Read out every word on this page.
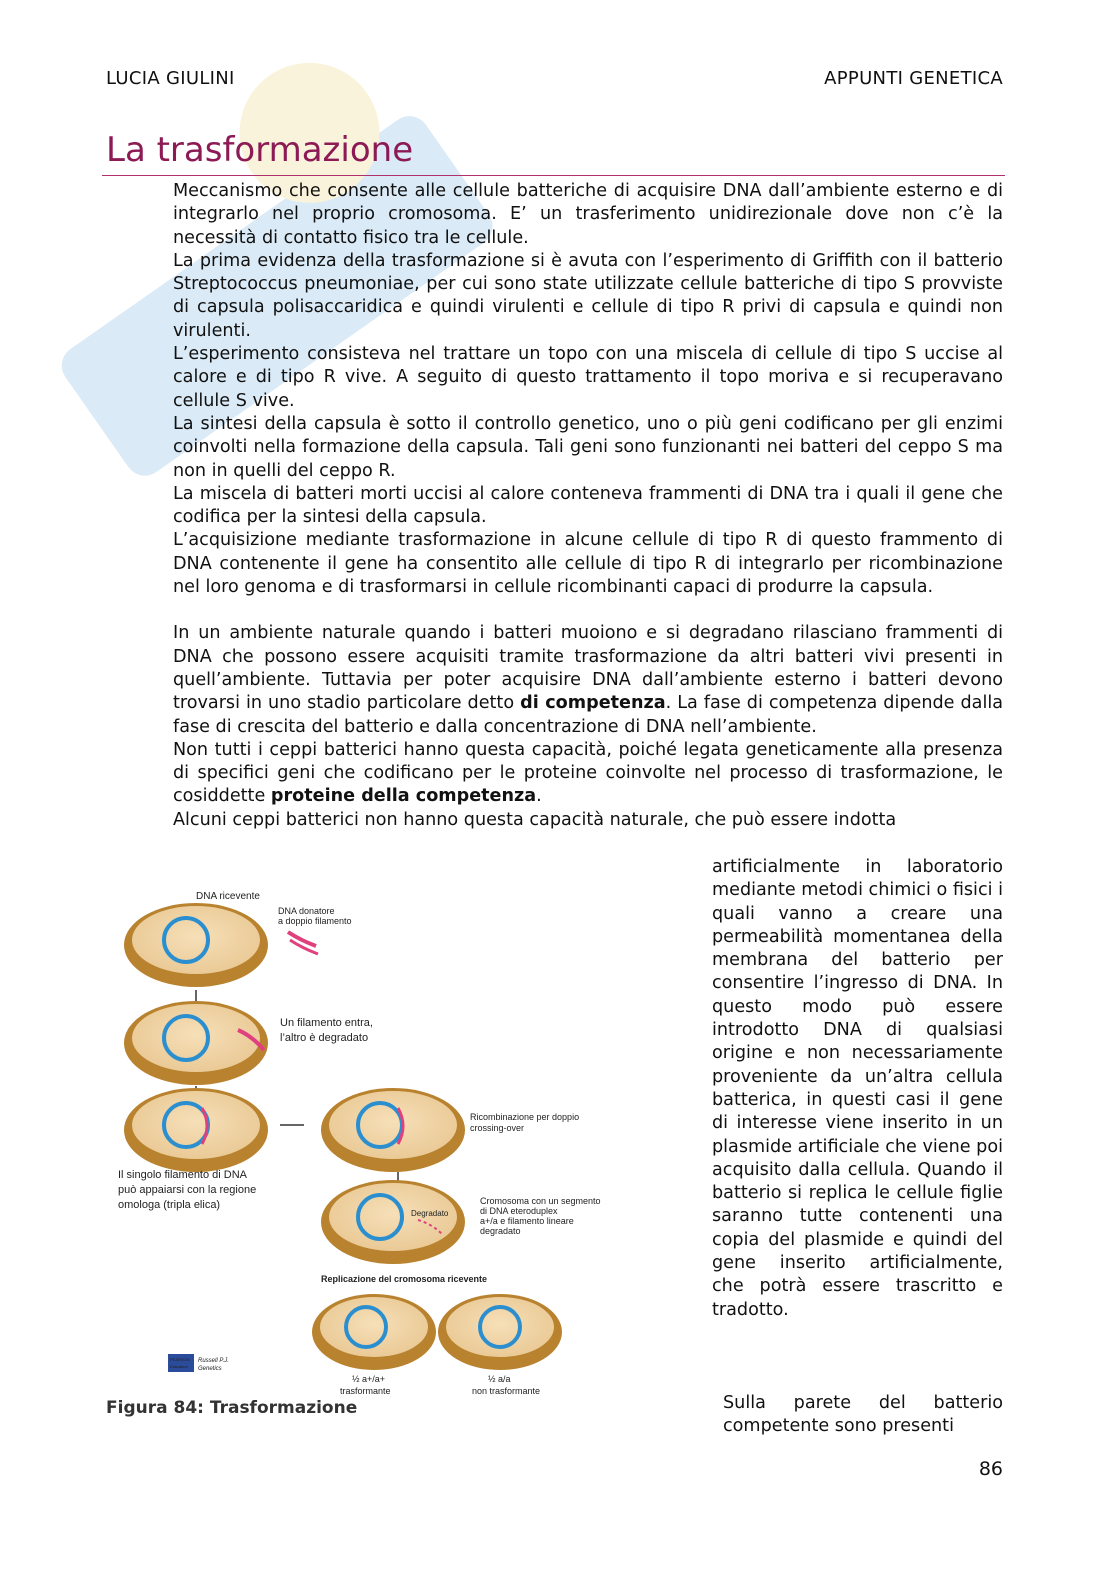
LUCIA GIULINI	APPUNTI GENETICA
La trasformazione

Meccanismo che consente alle cellule batteriche di acquisire DNA dall’ambiente esterno e di integrarlo nel proprio cromosoma. E’ un trasferimento unidirezionale dove non c’è la necessità di contatto fisico tra le cellule.

La prima evidenza della trasformazione si è avuta con l’esperimento di Griffith con il batterio Streptococcus pneumoniae, per cui sono state utilizzate cellule batteriche di tipo S provviste di capsula polisaccaridica e quindi virulenti e cellule di tipo R privi di capsula e quindi non virulenti.

L’esperimento consisteva nel trattare un topo con una miscela di cellule di tipo S uccise al calore e di tipo R vive. A seguito di questo trattamento il topo moriva e si recuperavano cellule S vive.

La sintesi della capsula è sotto il controllo genetico, uno o più geni codificano per gli enzimi coinvolti nella formazione della capsula. Tali geni sono funzionanti nei batteri del ceppo S ma non in quelli del ceppo R.

La miscela di batteri morti uccisi al calore conteneva frammenti di DNA tra i quali il gene che codifica per la sintesi della capsula.

L’acquisizione mediante trasformazione in alcune cellule di tipo R di questo frammento di DNA contenente il gene ha consentito alle cellule di tipo R di integrarlo per ricombinazione nel loro genoma e di trasformarsi in cellule ricombinanti capaci di produrre la capsula.

In un ambiente naturale quando i batteri muoiono e si degradano rilasciano frammenti di DNA che possono essere acquisiti tramite trasformazione da altri batteri vivi presenti in quell’ambiente. Tuttavia per poter acquisire DNA dall’ambiente esterno i batteri devono trovarsi in uno stadio particolare detto di competenza. La fase di competenza dipende dalla fase di crescita del batterio e dalla concentrazione di DNA nell’ambiente.

Non tutti i ceppi batterici hanno questa capacità, poiché legata geneticamente alla presenza di specifici geni che codificano per le proteine coinvolte nel processo di trasformazione, le cosiddette proteine della competenza.

Alcuni ceppi batterici non hanno questa capacità naturale, che può essere indotta

artificialmente in laboratorio mediante metodi chimici o fisici i quali vanno a creare una permeabilità momentanea della membrana del batterio per consentire l’ingresso di DNA. In questo modo può essere introdotto DNA di qualsiasi origine e non necessariamente proveniente da un’altra cellula batterica, in questi casi il gene di interesse viene inserito in un plasmide artificiale che viene poi acquisito dalla cellula. Quando il batterio si replica le cellule figlie saranno tutte contenenti una copia del plasmide e quindi del gene inserito artificialmente, che potrà essere trascritto e tradotto.
Sulla parete del batterio competente sono presenti
DNA ricevente
DNA donatore
a doppio filamento
Un filamento entra,
l’altro è degradato
Ricombinazione per doppio
crossing-over
Il singolo filamento di DNA
può appaiarsi con la regione
omologa (tripla elica)
Degradato
Cromosoma con un segmento
di DNA eteroduplex
a+/a e filamento lineare
degradato
Replicazione del cromosoma ricevente
½ a+/a+
trasformante
½ a/a
non trasformante
PEARSON
Education
Russell P.J.
Genetics
Figura 84: Trasformazione
86
